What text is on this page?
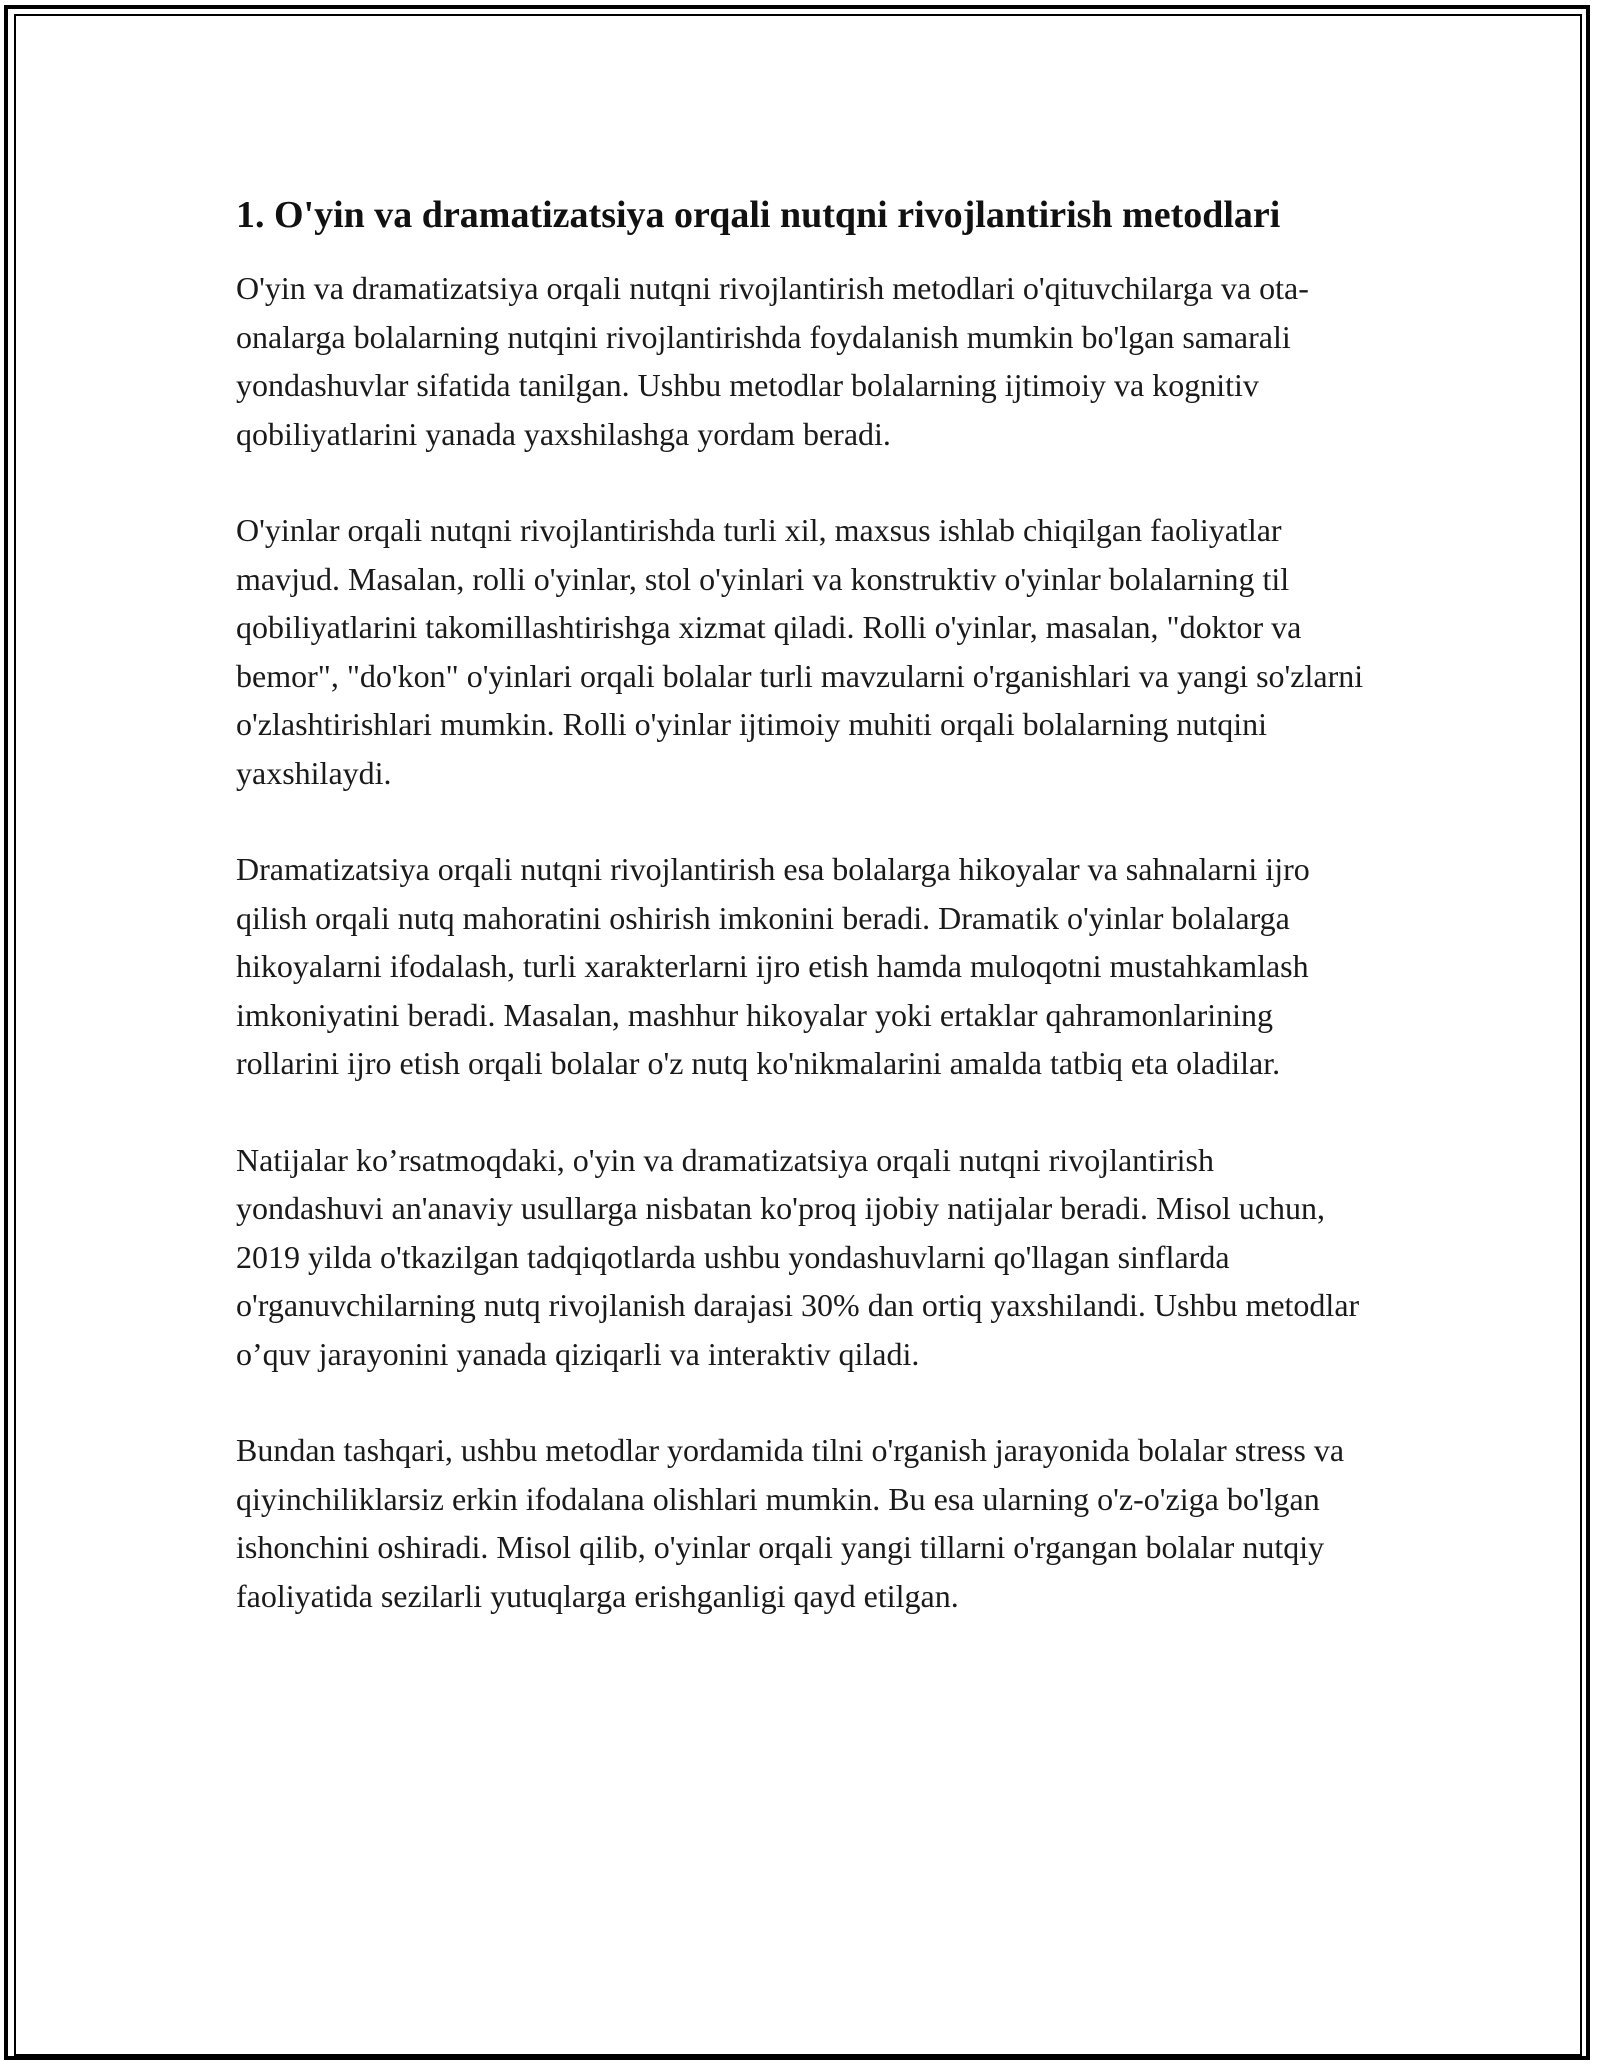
1. O'yin va dramatizatsiya orqali nutqni rivojlantirish metodlari

O'yin va dramatizatsiya orqali nutqni rivojlantirish metodlari o'qituvchilarga va ota-onalarga bolalarning nutqini rivojlantirishda foydalanish mumkin bo'lgan samarali yondashuvlar sifatida tanilgan. Ushbu metodlar bolalarning ijtimoiy va kognitiv qobiliyatlarini yanada yaxshilashga yordam beradi.

O'yinlar orqali nutqni rivojlantirishda turli xil, maxsus ishlab chiqilgan faoliyatlar mavjud. Masalan, rolli o'yinlar, stol o'yinlari va konstruktiv o'yinlar bolalarning til qobiliyatlarini takomillashtirishga xizmat qiladi. Rolli o'yinlar, masalan, "doktor va bemor", "do'kon" o'yinlari orqali bolalar turli mavzularni o'rganishlari va yangi so'zlarni o'zlashtirishlari mumkin. Rolli o'yinlar ijtimoiy muhiti orqali bolalarning nutqini yaxshilaydi.

Dramatizatsiya orqali nutqni rivojlantirish esa bolalarga hikoyalar va sahnalarni ijro qilish orqali nutq mahoratini oshirish imkonini beradi. Dramatik o'yinlar bolalarga hikoyalarni ifodalash, turli xarakterlarni ijro etish hamda muloqotni mustahkamlash imkoniyatini beradi. Masalan, mashhur hikoyalar yoki ertaklar qahramonlarining rollarini ijro etish orqali bolalar o'z nutq ko'nikmalarini amalda tatbiq eta oladilar.

Natijalar ko’rsatmoqdaki, o'yin va dramatizatsiya orqali nutqni rivojlantirish yondashuvi an'anaviy usullarga nisbatan ko'proq ijobiy natijalar beradi. Misol uchun, 2019 yilda o'tkazilgan tadqiqotlarda ushbu yondashuvlarni qo'llagan sinflarda o'rganuvchilarning nutq rivojlanish darajasi 30% dan ortiq yaxshilandi. Ushbu metodlar o’quv jarayonini yanada qiziqarli va interaktiv qiladi.

Bundan tashqari, ushbu metodlar yordamida tilni o'rganish jarayonida bolalar stress va qiyinchiliklarsiz erkin ifodalana olishlari mumkin. Bu esa ularning o'z-o'ziga bo'lgan ishonchini oshiradi. Misol qilib, o'yinlar orqali yangi tillarni o'rgangan bolalar nutqiy faoliyatida sezilarli yutuqlarga erishganligi qayd etilgan.
